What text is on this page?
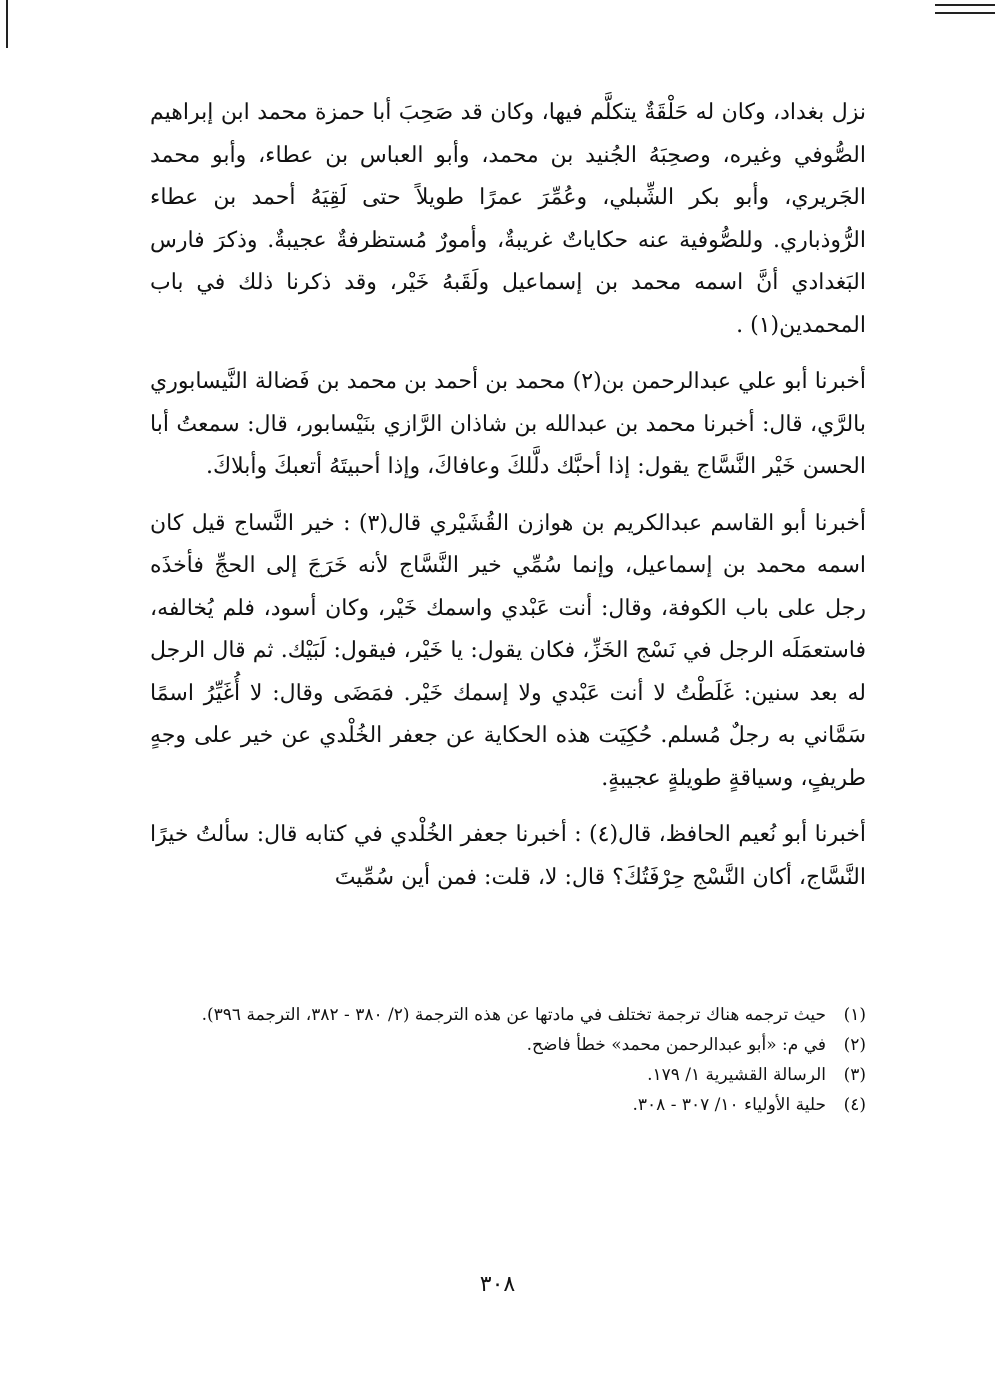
نزل بغداد، وكان له حَلْقَةٌ يتكلَّم فيها، وكان قد صَحِبَ أبا حمزة محمد ابن إبراهيم الصُّوفي وغيره، وصحِبَهُ الجُنيد بن محمد، وأبو العباس بن عطاء، وأبو محمد الجَريري، وأبو بكر الشِّبلي، وعُمِّرَ عمرًا طويلاً حتى لَقِيَهُ أحمد بن عطاء الرُّوذباري. وللصُّوفية عنه حكاياتٌ غريبةٌ، وأمورٌ مُستظرفةٌ عجيبةٌ. وذكرَ فارس البَغدادي أنَّ اسمه محمد بن إسماعيل ولَقَبهُ خَيْر، وقد ذكرنا ذلك في باب المحمدين(١) .

أخبرنا أبو علي عبدالرحمن بن(٢) محمد بن أحمد بن محمد بن فَضالة النَّيسابوري بالرَّي، قال: أخبرنا محمد بن عبدالله بن شاذان الرَّازي بنَيْسابور، قال: سمعتُ أبا الحسن خَيْر النَّسَّاج يقول: إذا أحبَّك دلَّلكَ وعافاكَ، وإذا أحبيتَهُ أتعبكَ وأبلاكَ.

أخبرنا أبو القاسم عبدالكريم بن هوازن القُشَيْري قال(٣) : خير النَّساج قيل كان اسمه محمد بن إسماعيل، وإنما سُمِّي خير النَّسَّاج لأنه خَرَجَ إلى الحجِّ فأخذَه رجل على باب الكوفة، وقال: أنت عَبْدي واسمك خَيْر، وكان أسود، فلم يُخالفه، فاستعمَلَه الرجل في نَسْج الخَزِّ، فكان يقول: يا خَيْر، فيقول: لَبَيْك. ثم قال الرجل له بعد سنين: غَلَطْتُ لا أنت عَبْدي ولا إسمك خَيْر. فمَضَى وقال: لا أُغَيِّرُ اسمًا سَمَّاني به رجلٌ مُسلم. حُكِيَت هذه الحكاية عن جعفر الخُلْدي عن خير على وجهٍ طريفٍ، وسياقةٍ طويلةٍ عجيبةٍ.

أخبرنا أبو نُعيم الحافظ، قال(٤) : أخبرنا جعفر الخُلْدي في كتابه قال: سألتُ خيرًا النَّسَّاج، أكان النَّسْج حِرْفَتُكَ؟ قال: لا، قلت: فمن أين سُمِّيتَ

(١)حيث ترجمه هناك ترجمة تختلف في مادتها عن هذه الترجمة (٢/ ٣٨٠ - ٣٨٢، الترجمة ٣٩٦).

(٢)في م: «أبو عبدالرحمن محمد» خطأ فاضح.

(٣)الرسالة القشيرية ١/ ١٧٩.

(٤)حلية الأولياء ١٠/ ٣٠٧ - ٣٠٨.

٣٠٨
